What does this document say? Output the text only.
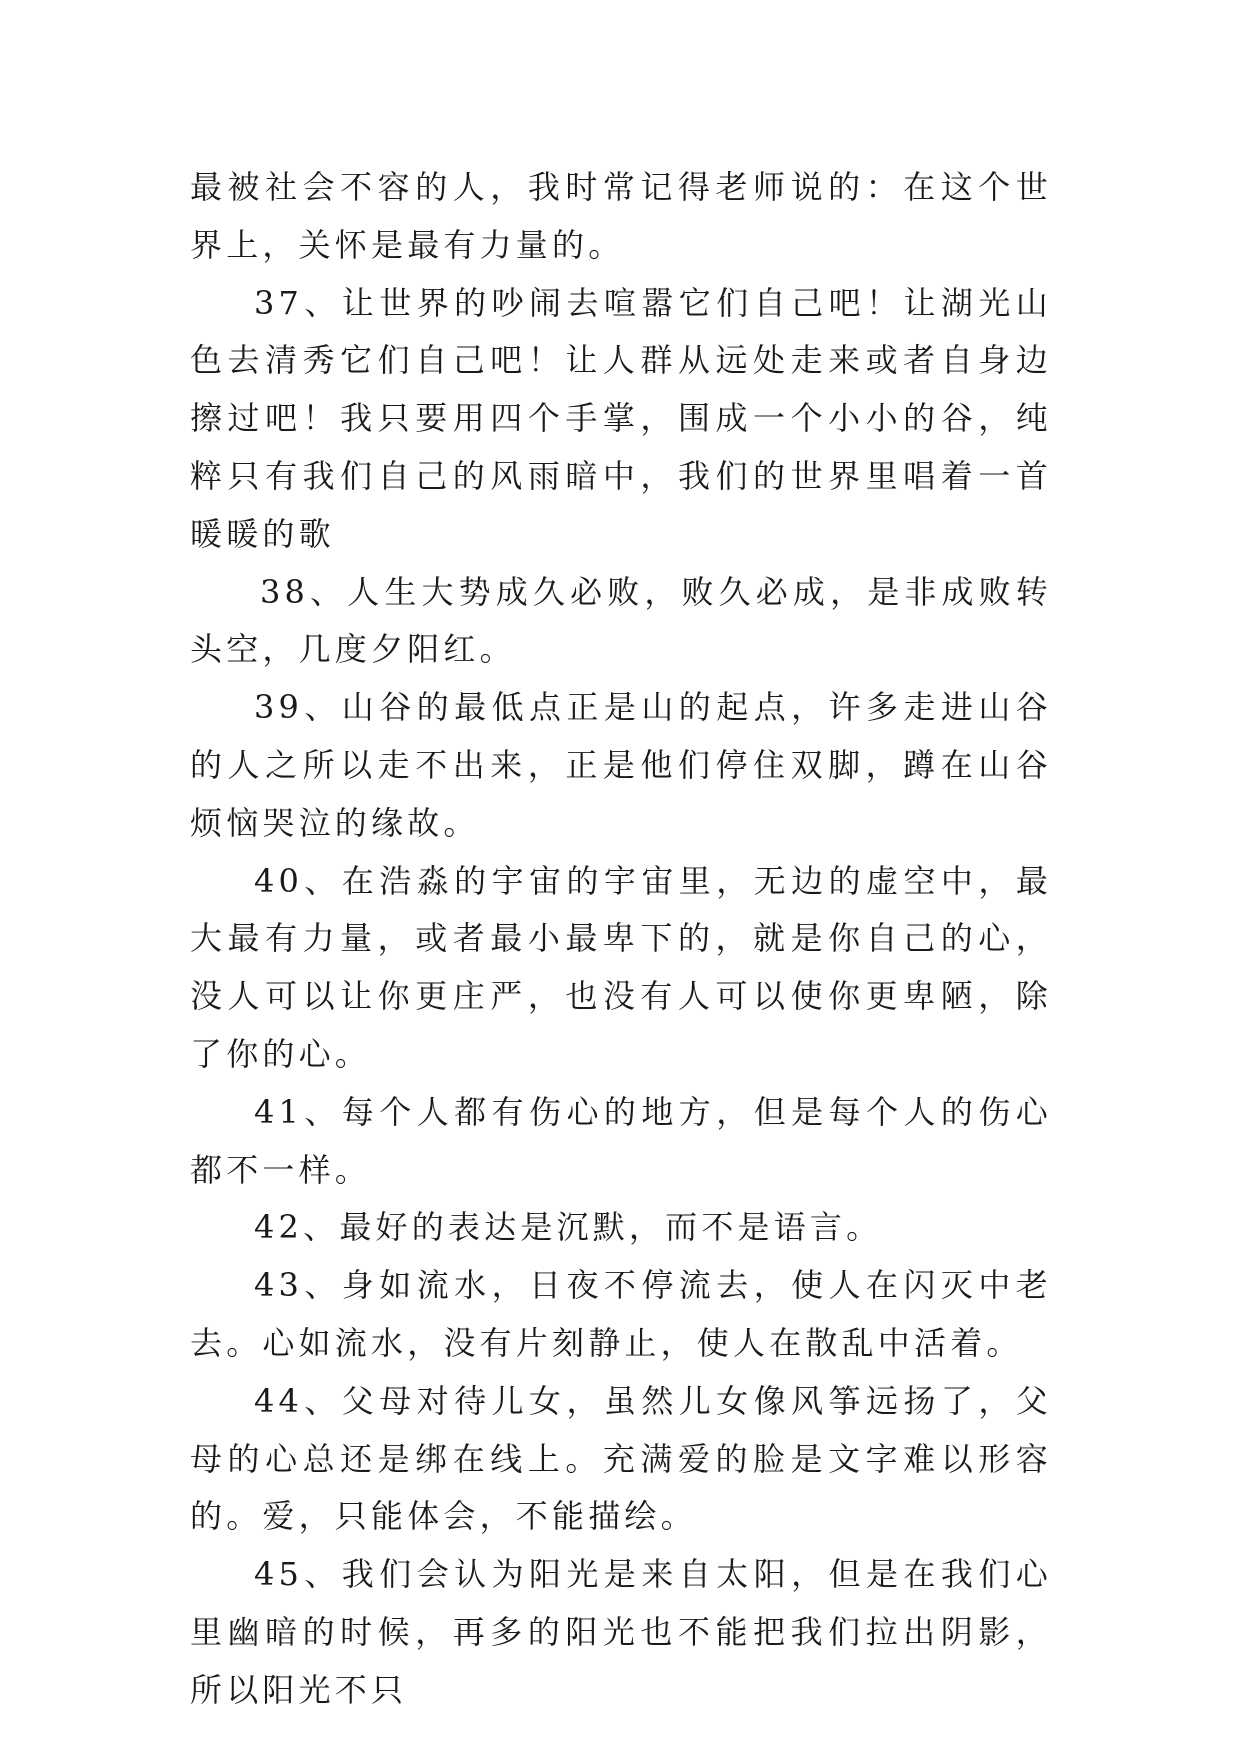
最被社会不容的人，我时常记得老师说的：在这个世界上，关怀是最有力量的。

37、让世界的吵闹去喧嚣它们自己吧！让湖光山色去清秀它们自己吧！让人群从远处走来或者自身边擦过吧！我只要用四个手掌，围成一个小小的谷，纯粹只有我们自己的风雨暗中，我们的世界里唱着一首暖暖的歌

38、人生大势成久必败，败久必成，是非成败转头空，几度夕阳红。

39、山谷的最低点正是山的起点，许多走进山谷的人之所以走不出来，正是他们停住双脚，蹲在山谷烦恼哭泣的缘故。

40、在浩淼的宇宙的宇宙里，无边的虚空中，最大最有力量，或者最小最卑下的，就是你自己的心，没人可以让你更庄严，也没有人可以使你更卑陋，除了你的心。

41、每个人都有伤心的地方，但是每个人的伤心都不一样。

42、最好的表达是沉默，而不是语言。

43、身如流水，日夜不停流去，使人在闪灭中老去。心如流水，没有片刻静止，使人在散乱中活着。

44、父母对待儿女，虽然儿女像风筝远扬了，父母的心总还是绑在线上。充满爱的脸是文字难以形容的。爱，只能体会，不能描绘。

45、我们会认为阳光是来自太阳，但是在我们心里幽暗的时候，再多的阳光也不能把我们拉出阴影，所以阳光不只
